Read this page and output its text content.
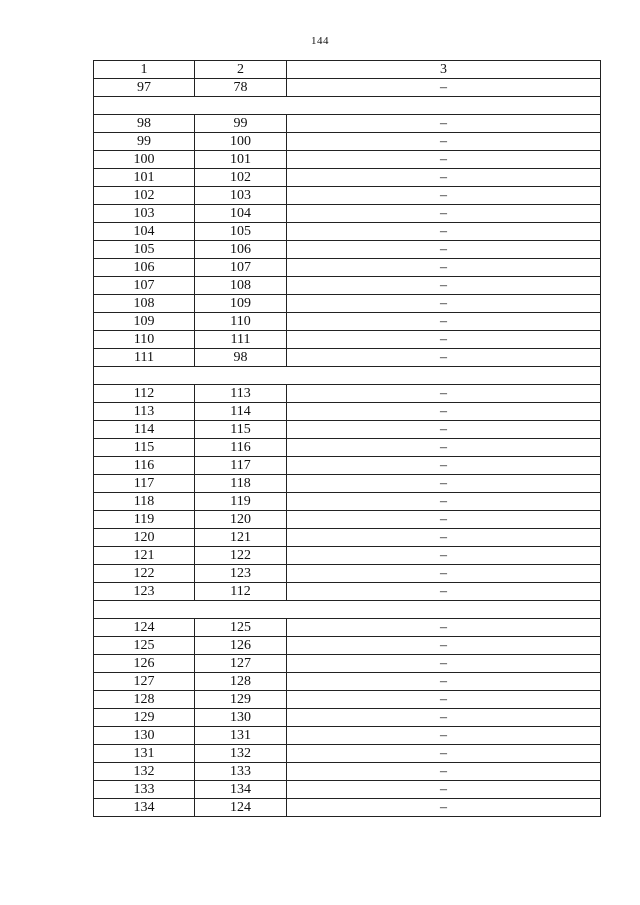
144
1	2	3
97	78	–

98	99	–
99	100	–
100	101	–
101	102	–
102	103	–
103	104	–
104	105	–
105	106	–
106	107	–
107	108	–
108	109	–
109	110	–
110	111	–
111	98	–

112	113	–
113	114	–
114	115	–
115	116	–
116	117	–
117	118	–
118	119	–
119	120	–
120	121	–
121	122	–
122	123	–
123	112	–

124	125	–
125	126	–
126	127	–
127	128	–
128	129	–
129	130	–
130	131	–
131	132	–
132	133	–
133	134	–
134	124	–
